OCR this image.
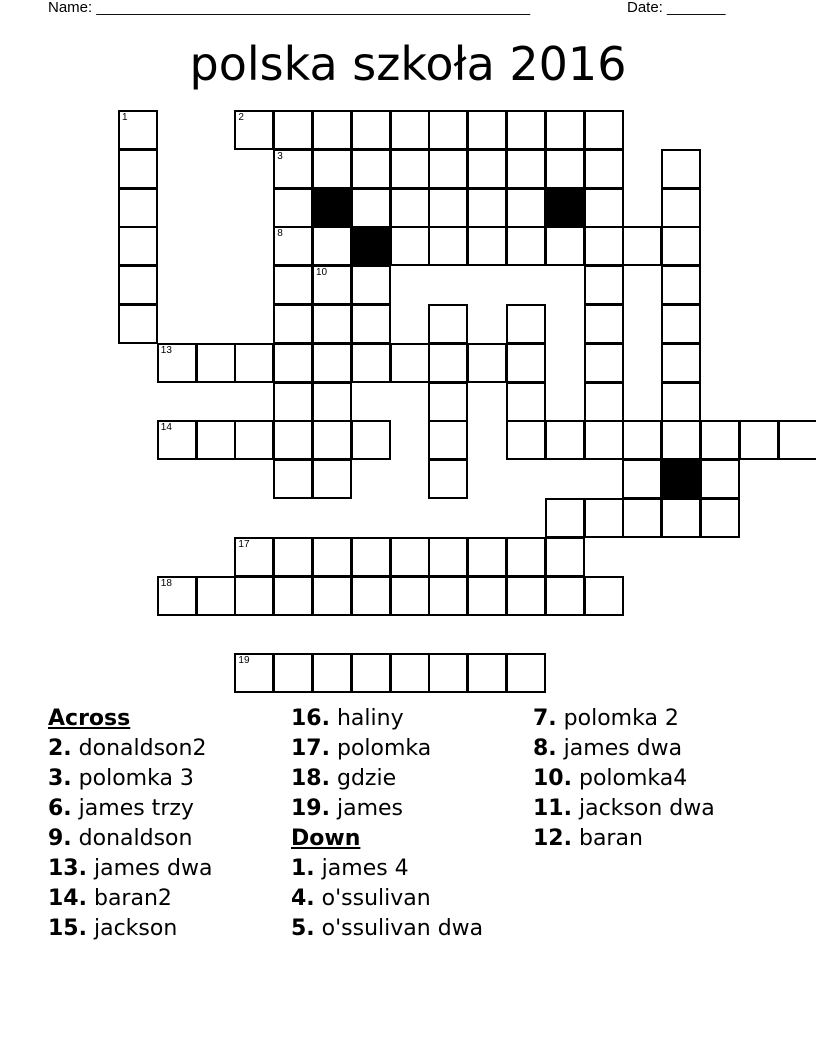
Name: ____________________________________________________	Date: _______
polska szkoła 2016
1	2
3
6	7
8	9
10
13
14
17
18
19
Across
2. donaldson2
3. polomka 3
6. james trzy
9. donaldson
13. james dwa
14. baran2
15. jackson
16. haliny
17. polomka
18. gdzie
19. james
Down
1. james 4
4. o'ssulivan
5. o'ssulivan dwa
7. polomka 2
8. james dwa
10. polomka4
11. jackson dwa
12. baran
